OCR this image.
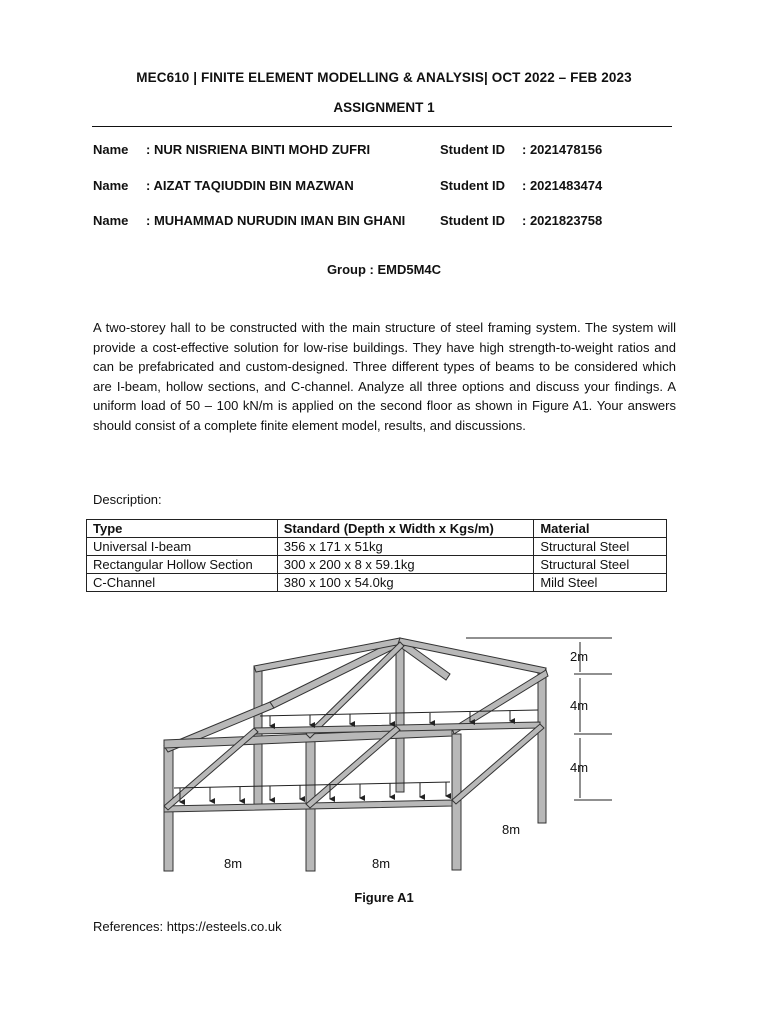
MEC610 | FINITE ELEMENT MODELLING & ANALYSIS| OCT 2022 – FEB 2023
ASSIGNMENT 1
Name : NUR NISRIENA BINTI MOHD ZUFRI	Student ID	: 2021478156
Name : AIZAT TAQIUDDIN BIN MAZWAN	Student ID	: 2021483474
Name : MUHAMMAD NURUDIN IMAN BIN GHANI	Student ID	: 2021823758
Group : EMD5M4C
A two-storey hall to be constructed with the main structure of steel framing system. The system will provide a cost-effective solution for low-rise buildings. They have high strength-to-weight ratios and can be prefabricated and custom-designed. Three different types of beams to be considered which are I-beam, hollow sections, and C-channel. Analyze all three options and discuss your findings. A uniform load of 50 – 100 kN/m is applied on the second floor as shown in Figure A1. Your answers should consist of a complete finite element model, results, and discussions.
Description:
Type	Standard (Depth x Width x Kgs/m)	Material
Universal I-beam	356 x 171 x 51kg	Structural Steel
Rectangular Hollow Section	300 x 200 x 8 x 59.1kg	Structural Steel
C-Channel	380 x 100 x 54.0kg	Mild Steel
2m
4m
4m
8m
8m	8m
Figure A1
References: https://esteels.co.uk
